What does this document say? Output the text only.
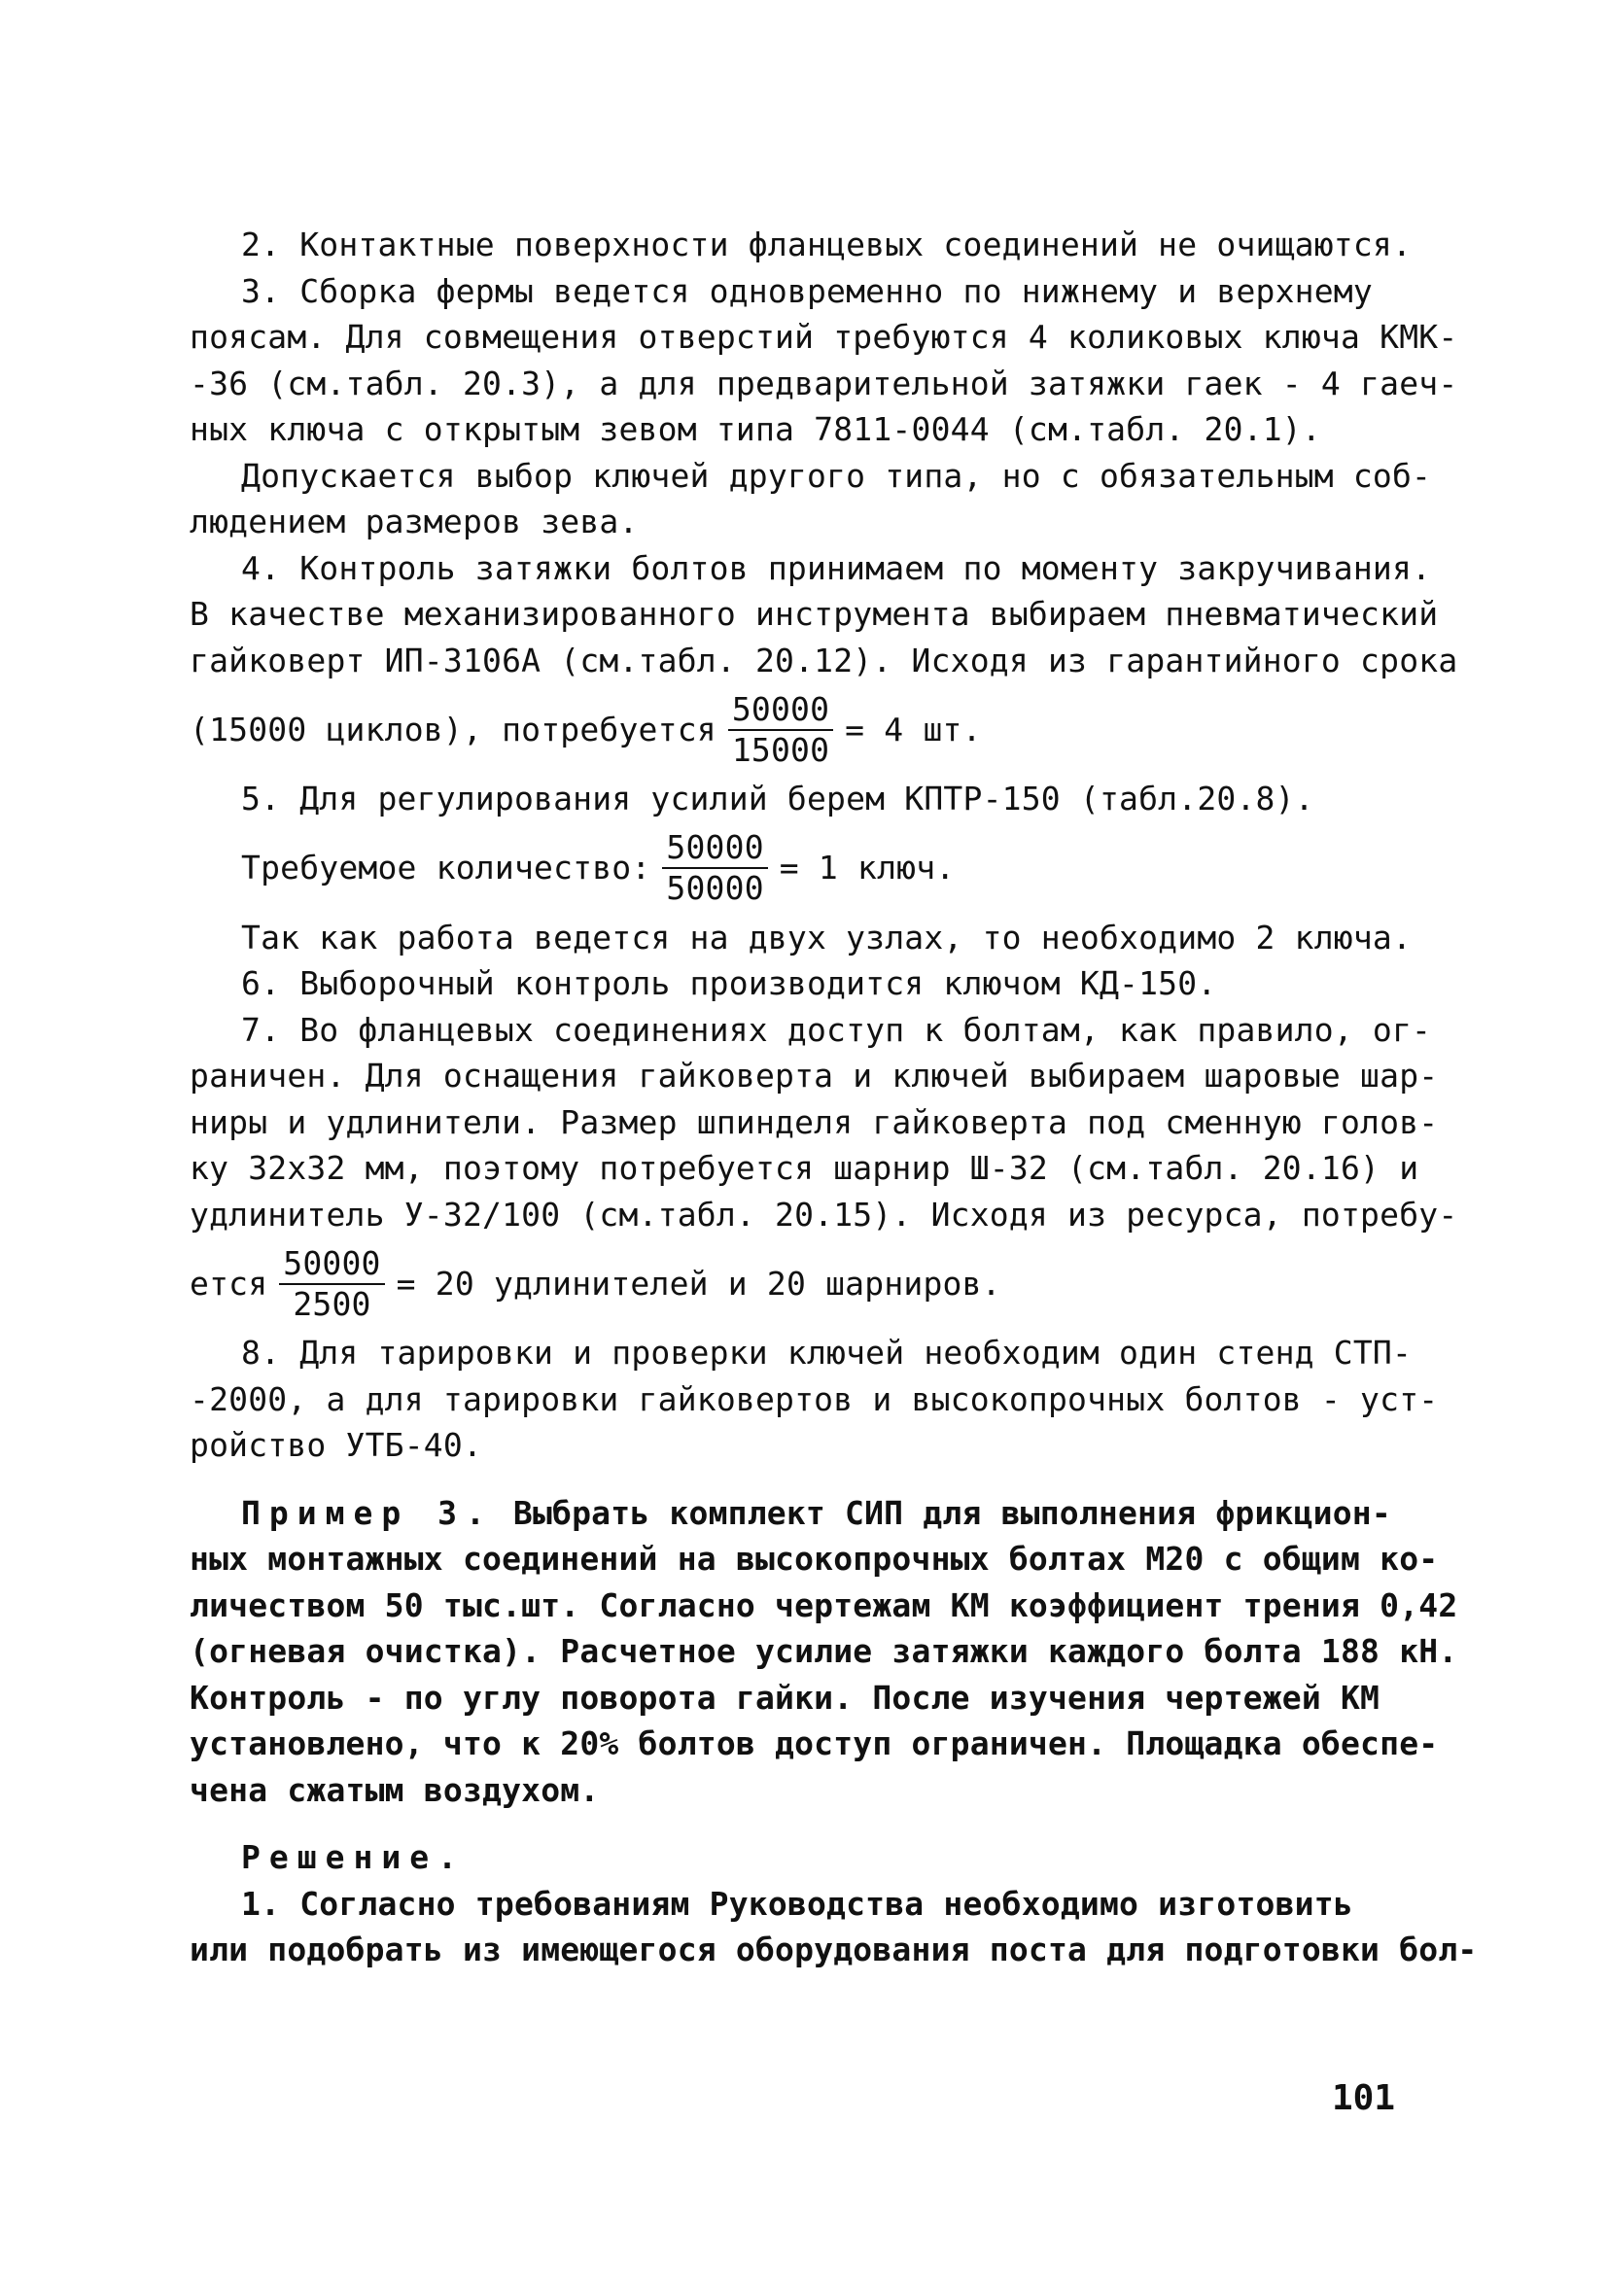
2. Контактные поверхности фланцевых соединений не очищаются.
3. Сборка фермы ведется одновременно по нижнему и верхнему
поясам. Для совмещения отверстий требуются 4 коликовых ключа КМК-
-36 (см.табл. 20.3), а для предварительной затяжки гаек - 4 гаеч-
ных ключа с открытым зевом типа 7811-0044 (см.табл. 20.1).
Допускается выбор ключей другого типа, но с обязательным соб-
людением размеров зева.
4. Контроль затяжки болтов принимаем по моменту закручивания.
В качестве механизированного инструмента выбираем пневматический
гайковерт ИП-3106А (см.табл. 20.12). Исходя из гарантийного срока
(15000 циклов), потребуется $\frac{50000}{15000} = 4$ шт.
5. Для регулирования усилий берем КПТР-150 (табл.20.8).
Требуемое количество: $\frac{50000}{50000} = 1$ ключ.
Так как работа ведется на двух узлах, то необходимо 2 ключа.
6. Выборочный контроль производится ключом КД-150.
7. Во фланцевых соединениях доступ к болтам, как правило, ог-
раничен. Для оснащения гайковерта и ключей выбираем шаровые шар-
ниры и удлинители. Размер шпинделя гайковерта под сменную голов-
ку 32х32 мм, поэтому потребуется шарнир Ш-32 (см.табл. 20.16) и
удлинитель У-32/100 (см.табл. 20.15). Исходя из ресурса, потребу-
ется $\frac{50000}{2500} = 20$ удлинителей и 20 шарниров.
8. Для тарировки и проверки ключей необходим один стенд СТП-
-2000, а для тарировки гайковертов и высокопрочных болтов - уст-
ройство УТБ-40.
Пример 3. Выбрать комплект СИП для выполнения фрикцион-
ных монтажных соединений на высокопрочных болтах М20 с общим ко-
личеством 50 тыс.шт. Согласно чертежам КМ коэффициент трения 0,42
(огневая очистка). Расчетное усилие затяжки каждого болта 188 кН.
Контроль - по углу поворота гайки. После изучения чертежей КМ
установлено, что к 20% болтов доступ ограничен. Площадка обеспе-
чена сжатым воздухом.
Решение.
1. Согласно требованиям Руководства необходимо изготовить
или подобрать из имеющегося оборудования поста для подготовки бол-
101
